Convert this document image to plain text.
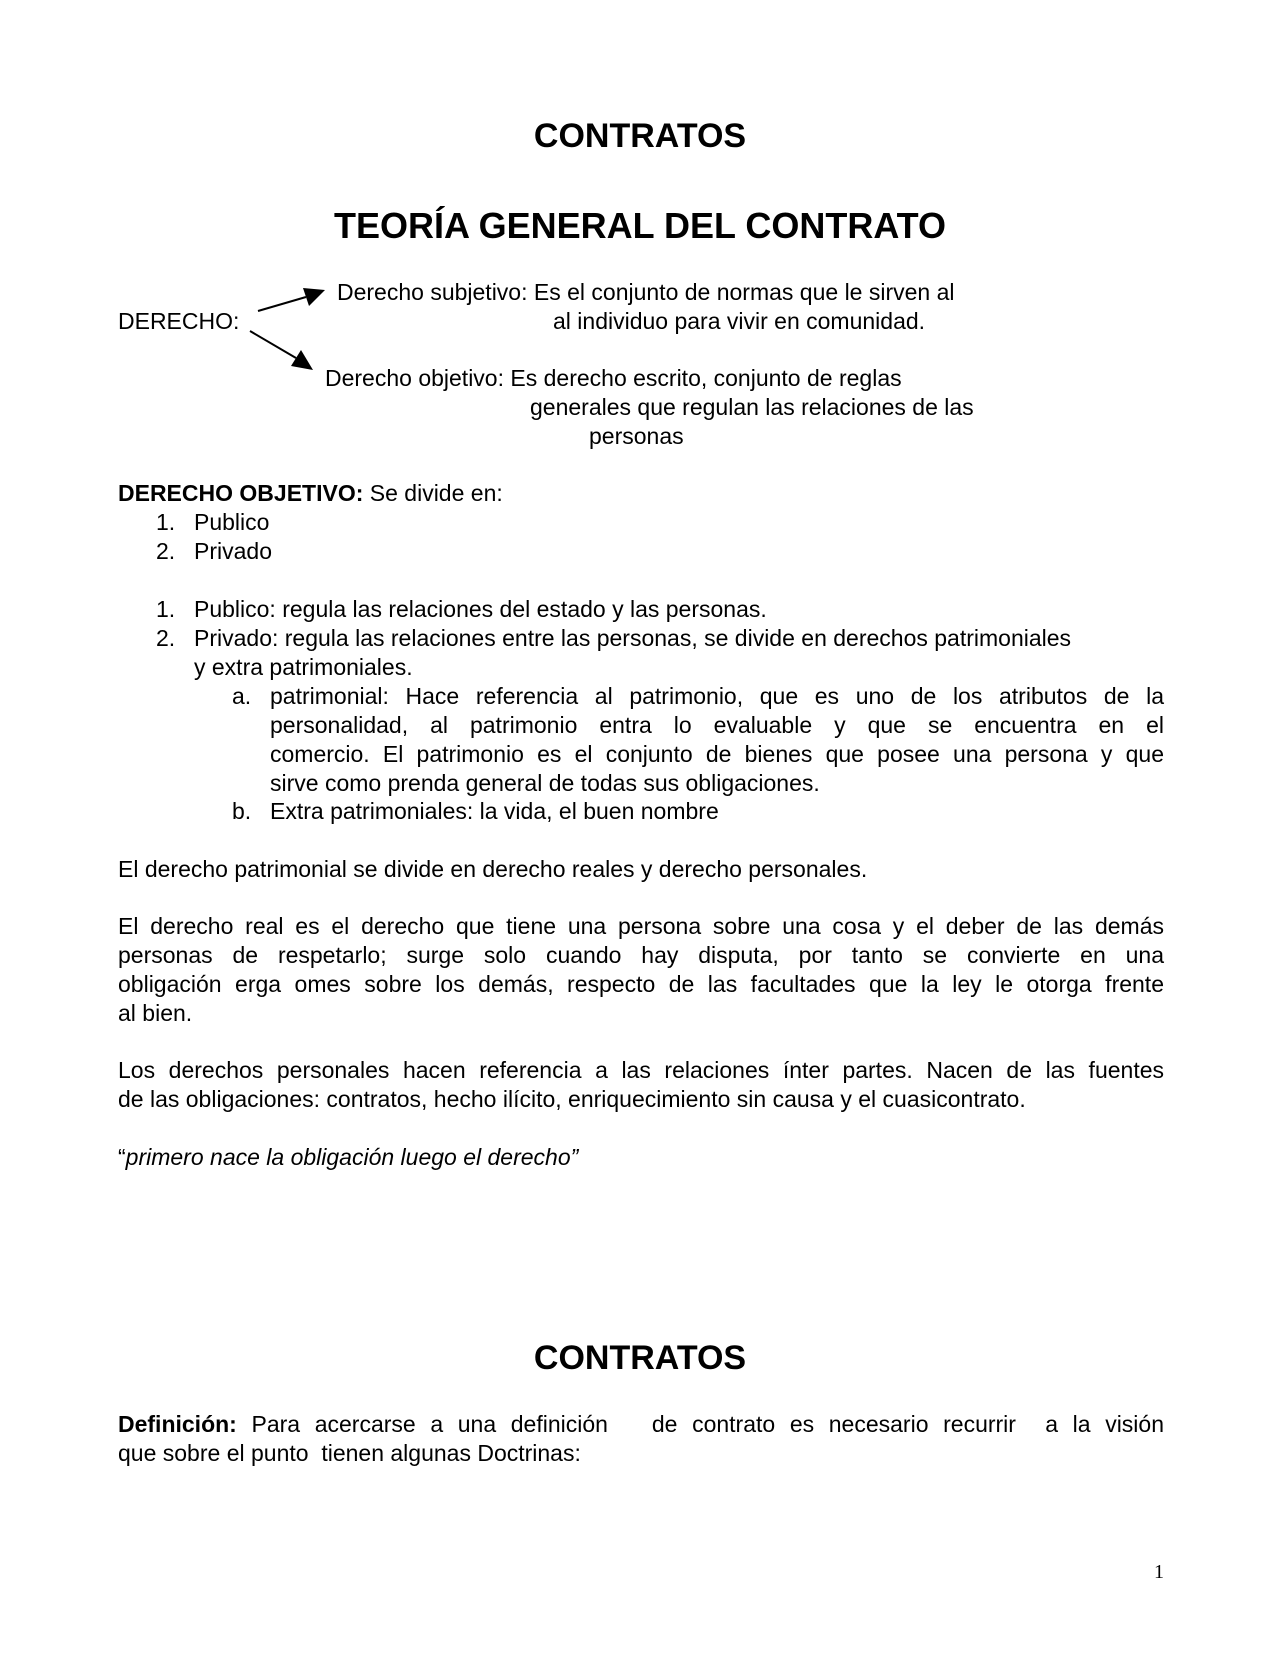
CONTRATOS
TEORÍA GENERAL DEL CONTRATO
DERECHO:
Derecho subjetivo: Es el conjunto de normas que le sirven al
al individuo para vivir en comunidad.
Derecho objetivo: Es derecho escrito, conjunto de reglas
generales que regulan las relaciones de las
personas
DERECHO OBJETIVO: Se divide en:
1. Publico
2. Privado
1. Publico: regula las relaciones del estado y las personas.
2. Privado: regula las relaciones entre las personas, se divide en derechos patrimoniales
y extra patrimoniales.
a. patrimonial: Hace referencia al patrimonio, que es uno de los atributos de la
personalidad, al patrimonio entra lo evaluable y que se encuentra en el
comercio. El patrimonio es el conjunto de bienes que posee una persona y que
sirve como prenda general de todas sus obligaciones.
b. Extra patrimoniales: la vida, el buen nombre
El derecho patrimonial se divide en derecho reales y derecho personales.
El derecho real es el derecho que tiene una persona sobre una cosa y el deber de las demás
personas de respetarlo; surge solo cuando hay disputa, por tanto se convierte en una
obligación erga omes sobre los demás, respecto de las facultades que la ley le otorga frente
al bien.
Los derechos personales hacen referencia a las relaciones ínter partes. Nacen de las fuentes
de las obligaciones: contratos, hecho ilícito, enriquecimiento sin causa y el cuasicontrato.
“primero nace la obligación luego el derecho”
CONTRATOS
Definición: Para acercarse a una definición   de contrato es necesario recurrir  a la visión
que sobre el punto  tienen algunas Doctrinas:
1
